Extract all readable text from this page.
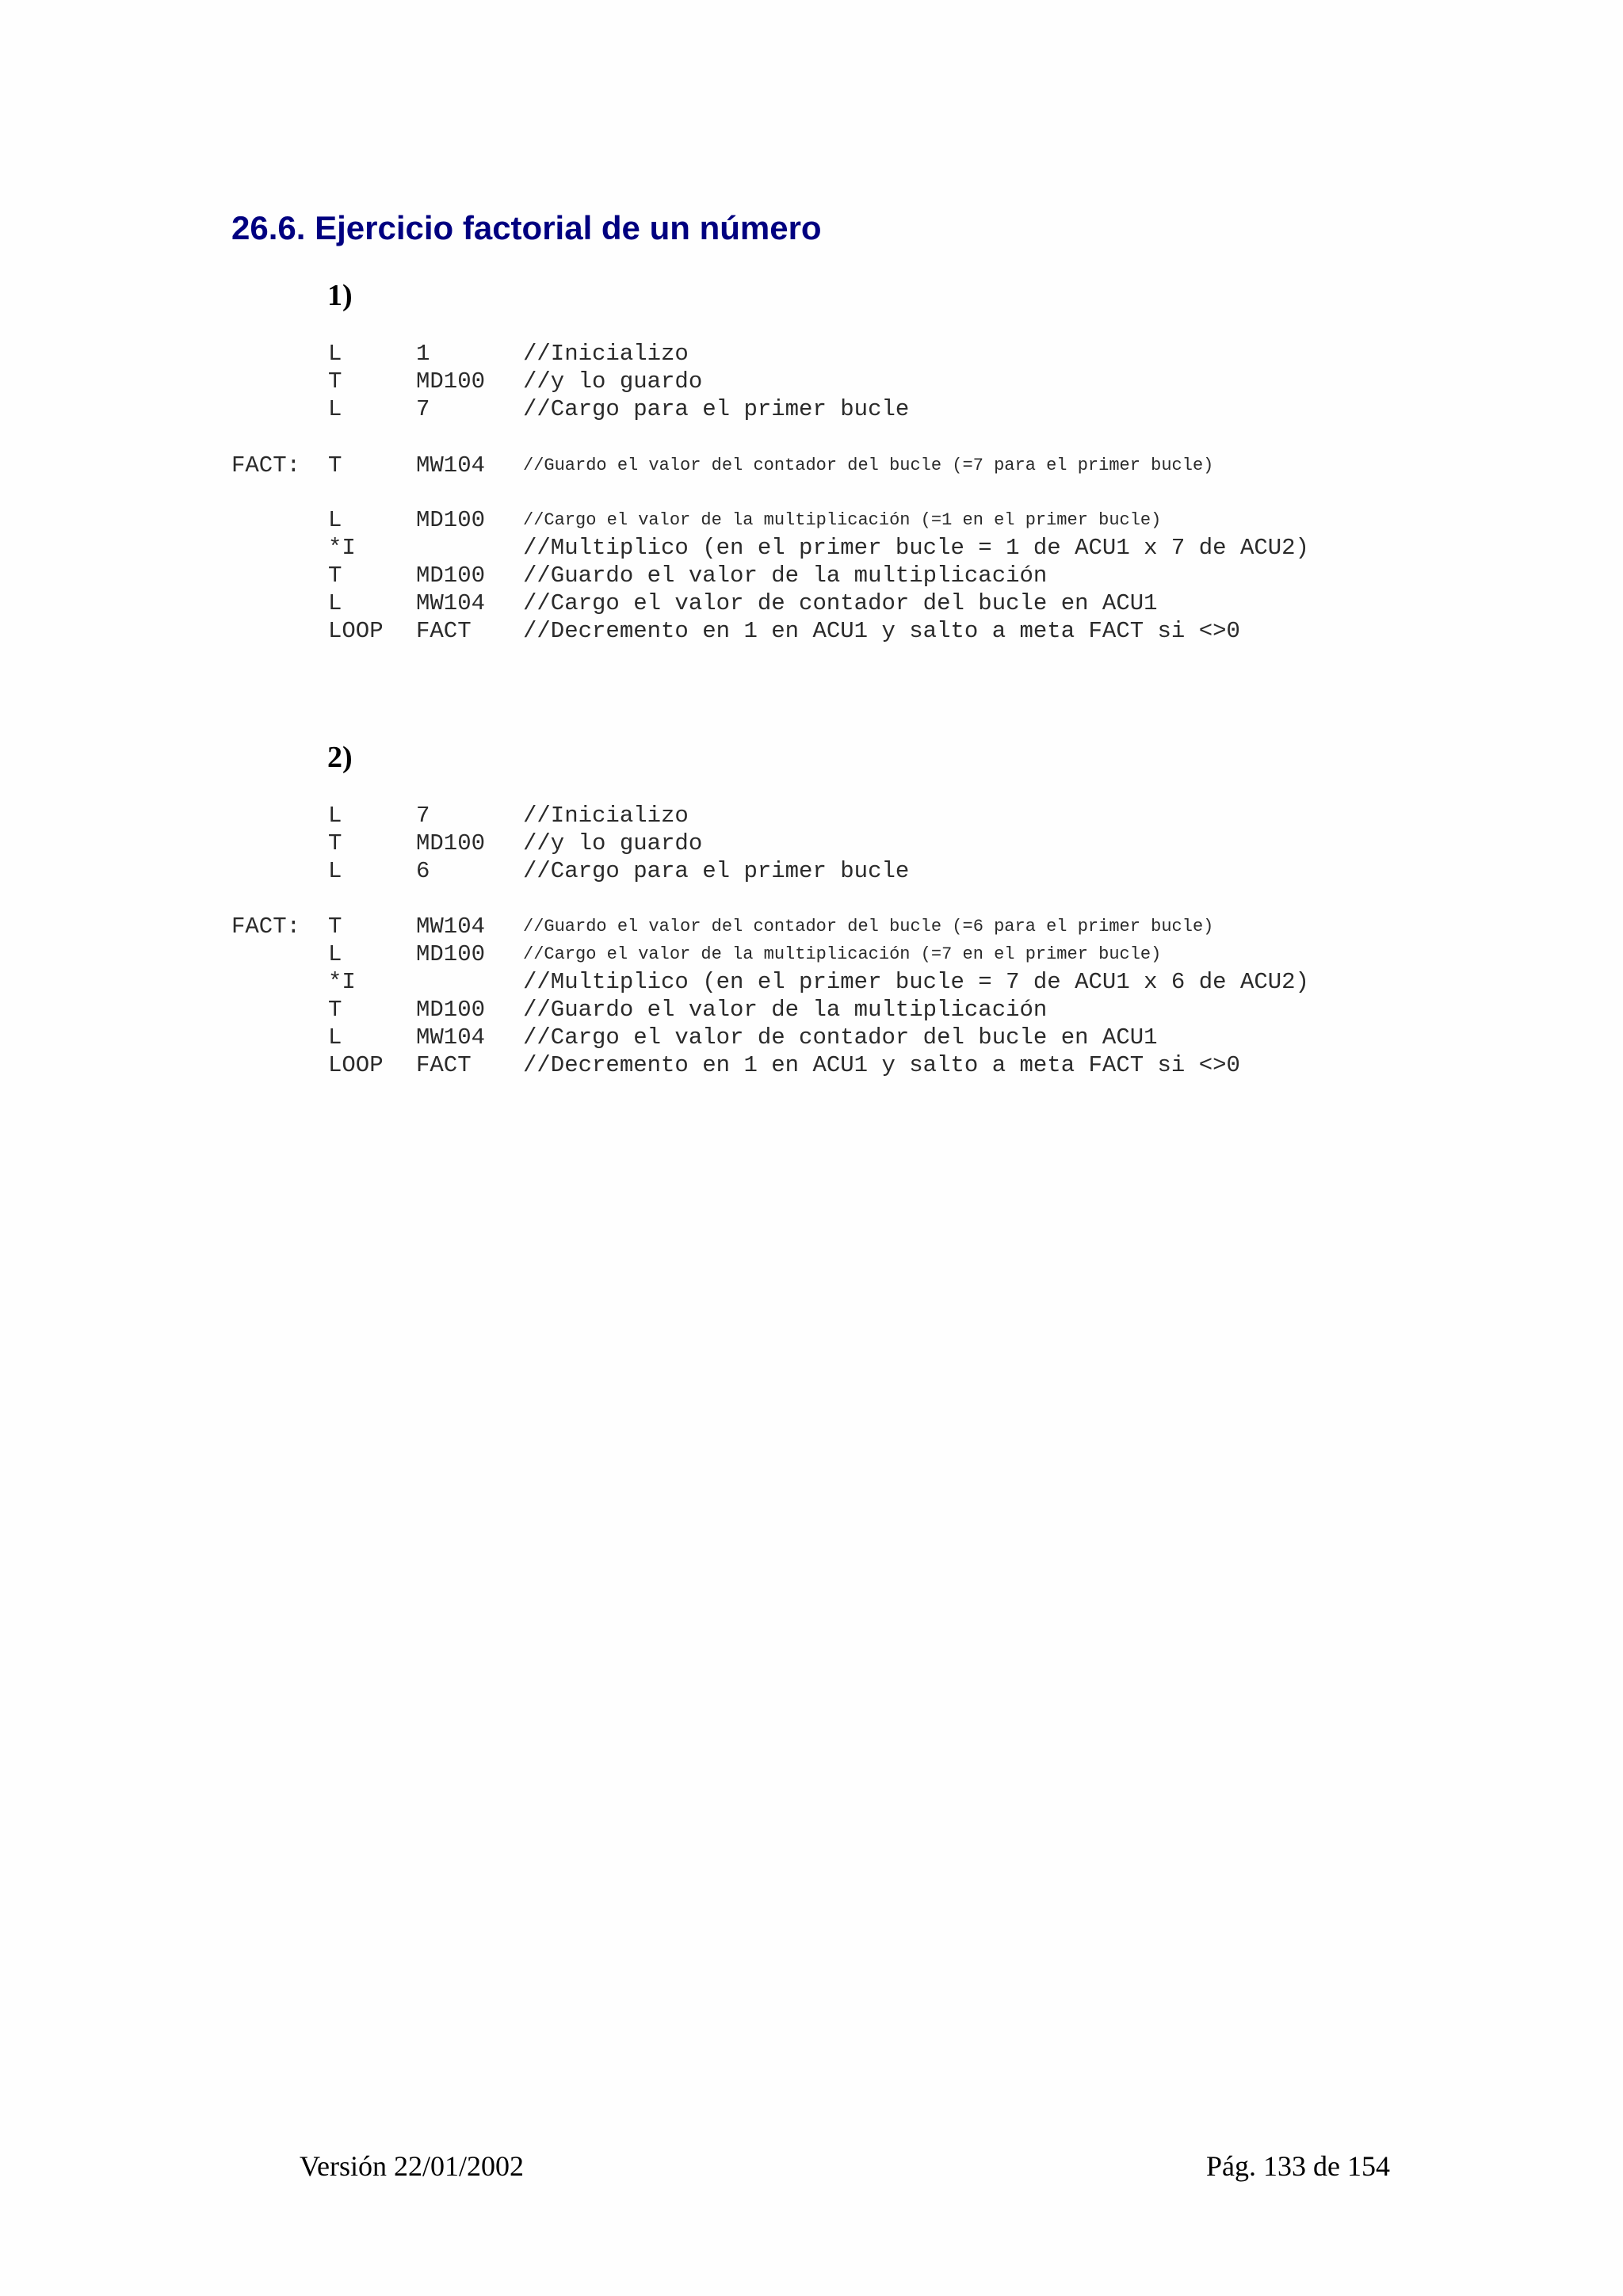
26.6. Ejercicio factorial de un número
1)
L	1	//Inicializo
T	MD100 //y lo guardo
L	7	//Cargo para el primer bucle
FACT: T	MW104 //Guardo el valor del contador del bucle (=7 para el primer bucle)
L	MD100 //Cargo el valor de la multiplicación (=1 en el primer bucle)
*I	//Multiplico (en el primer bucle = 1 de ACU1 x 7 de ACU2)
T	MD100 //Guardo el valor de la multiplicación
L	MW104 //Cargo el valor de contador del bucle en ACU1
LOOP FACT //Decremento en 1 en ACU1 y salto a meta FACT si <>0
2)
L	7	//Inicializo
T	MD100 //y lo guardo
L	6	//Cargo para el primer bucle
FACT: T	MW104 //Guardo el valor del contador del bucle (=6 para el primer bucle)
L	MD100 //Cargo el valor de la multiplicación (=7 en el primer bucle)
*I	//Multiplico (en el primer bucle = 7 de ACU1 x 6 de ACU2)
T	MD100 //Guardo el valor de la multiplicación
L	MW104 //Cargo el valor de contador del bucle en ACU1
LOOP FACT //Decremento en 1 en ACU1 y salto a meta FACT si <>0
Versión 22/01/2002	Pág. 133 de 154
